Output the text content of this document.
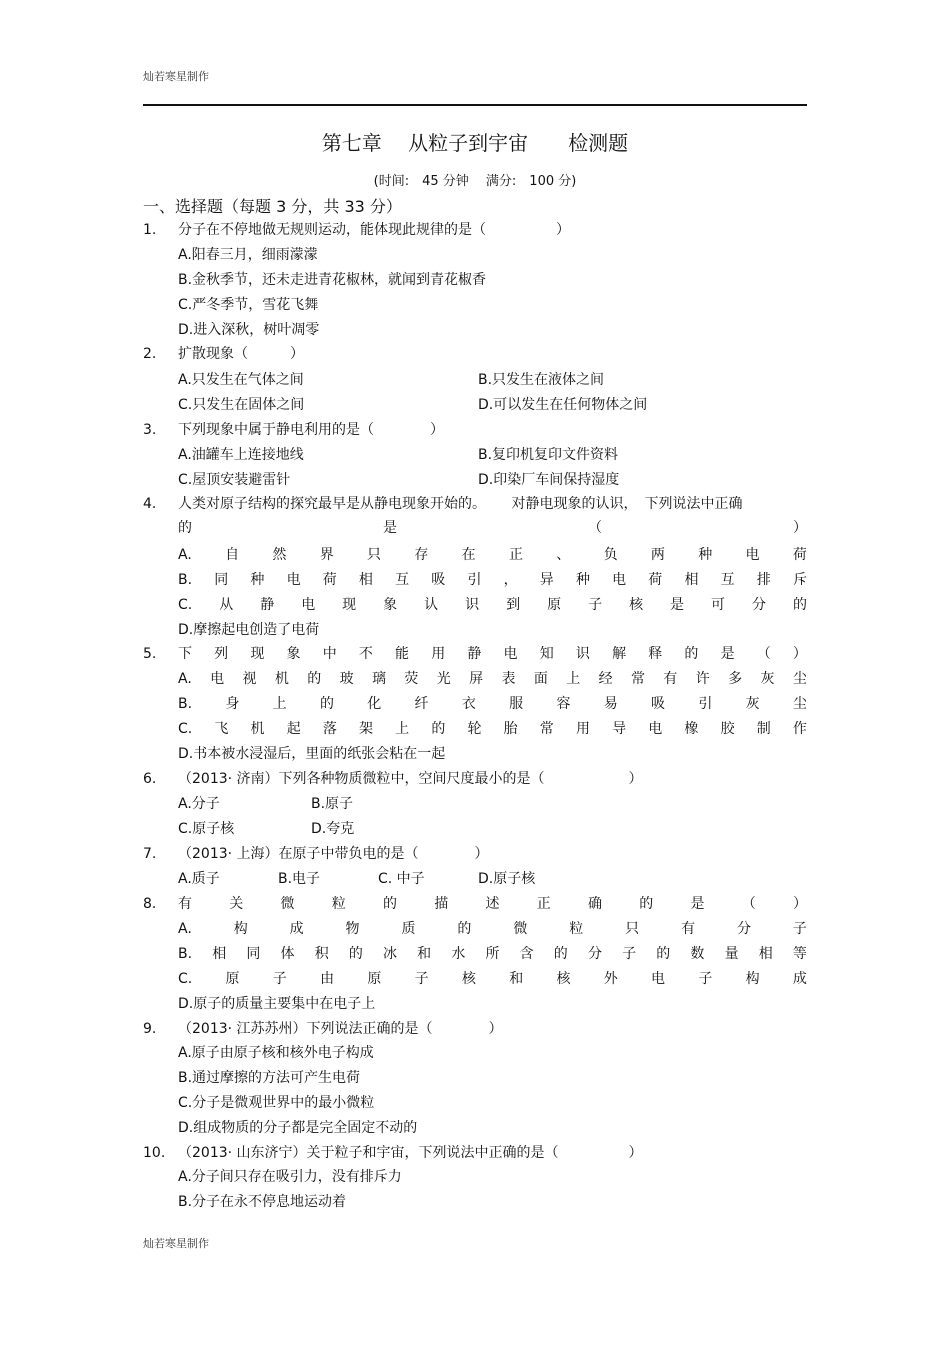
灿若寒星制作
第七章　 从粒子到宇宙　　检测题
(时间:　45 分钟　 满分:　100 分)
一、选择题（每题 3 分，共 33 分）
1. 分子在不停地做无规则运动，能体现此规律的是（　　　　　）
A.阳春三月，细雨濛濛
B.金秋季节，还未走进青花椒林，就闻到青花椒香
C.严冬季节，雪花飞舞
D.进入深秋，树叶凋零
2. 扩散现象（　　　）
A.只发生在气体之间	B.只发生在液体之间
C.只发生在固体之间	D.可以发生在任何物体之间
3. 下列现象中属于静电利用的是（　　　　）
A.油罐车上连接地线	B.复印机复印文件资料
C.屋顶安装避雷针	D.印染厂车间保持湿度
4. 人类对原子结构的探究最早是从静电现象开始的。　　 对静电现象的认识，　下列说法中正确
的	是	（	）
A. 自 然 界 只 存 在 正 、 负 两 种 电 荷
B. 同 种 电 荷 相 互 吸 引 ， 异 种 电 荷 相 互 排 斥
C. 从 静 电 现 象 认 识 到 原 子 核 是 可 分 的
D.摩擦起电创造了电荷
5. 下 列 现 象 中 不 能 用 静 电 知 识 解 释 的 是 （ ）
A. 电 视 机 的 玻 璃 荧 光 屏 表 面 上 经 常 有 许 多 灰 尘
B. 身 上 的 化 纤 衣 服 容 易 吸 引 灰 尘
C. 飞 机 起 落 架 上 的 轮 胎 常 用 导 电 橡 胶 制 作
D.书本被水浸湿后，里面的纸张会粘在一起
6. （2013· 济南）下列各种物质微粒中，空间尺度最小的是（　　　　　　）
A.分子	B.原子
C.原子核	D.夸克
7. （2013· 上海）在原子中带负电的是（　　　　）
A.质子	B.电子	C. 中子	D.原子核
8. 有	关	微	粒	的	描	述	正	确	的	是	（	）
A.	构	成	物	质	的	微	粒	只	有	分	子
B. 相 同 体 积 的 冰 和 水 所 含 的 分 子 的 数 量 相 等
C. 原 子 由 原 子 核 和 核 外 电 子 构 成
D.原子的质量主要集中在电子上
9. （2013· 江苏苏州）下列说法正确的是（　　　　）
A.原子由原子核和核外电子构成
B.通过摩擦的方法可产生电荷
C.分子是微观世界中的最小微粒
D.组成物质的分子都是完全固定不动的
10. （2013· 山东济宁）关于粒子和宇宙，下列说法中正确的是（　　　　　）
A.分子间只存在吸引力，没有排斥力
B.分子在永不停息地运动着
灿若寒星制作
